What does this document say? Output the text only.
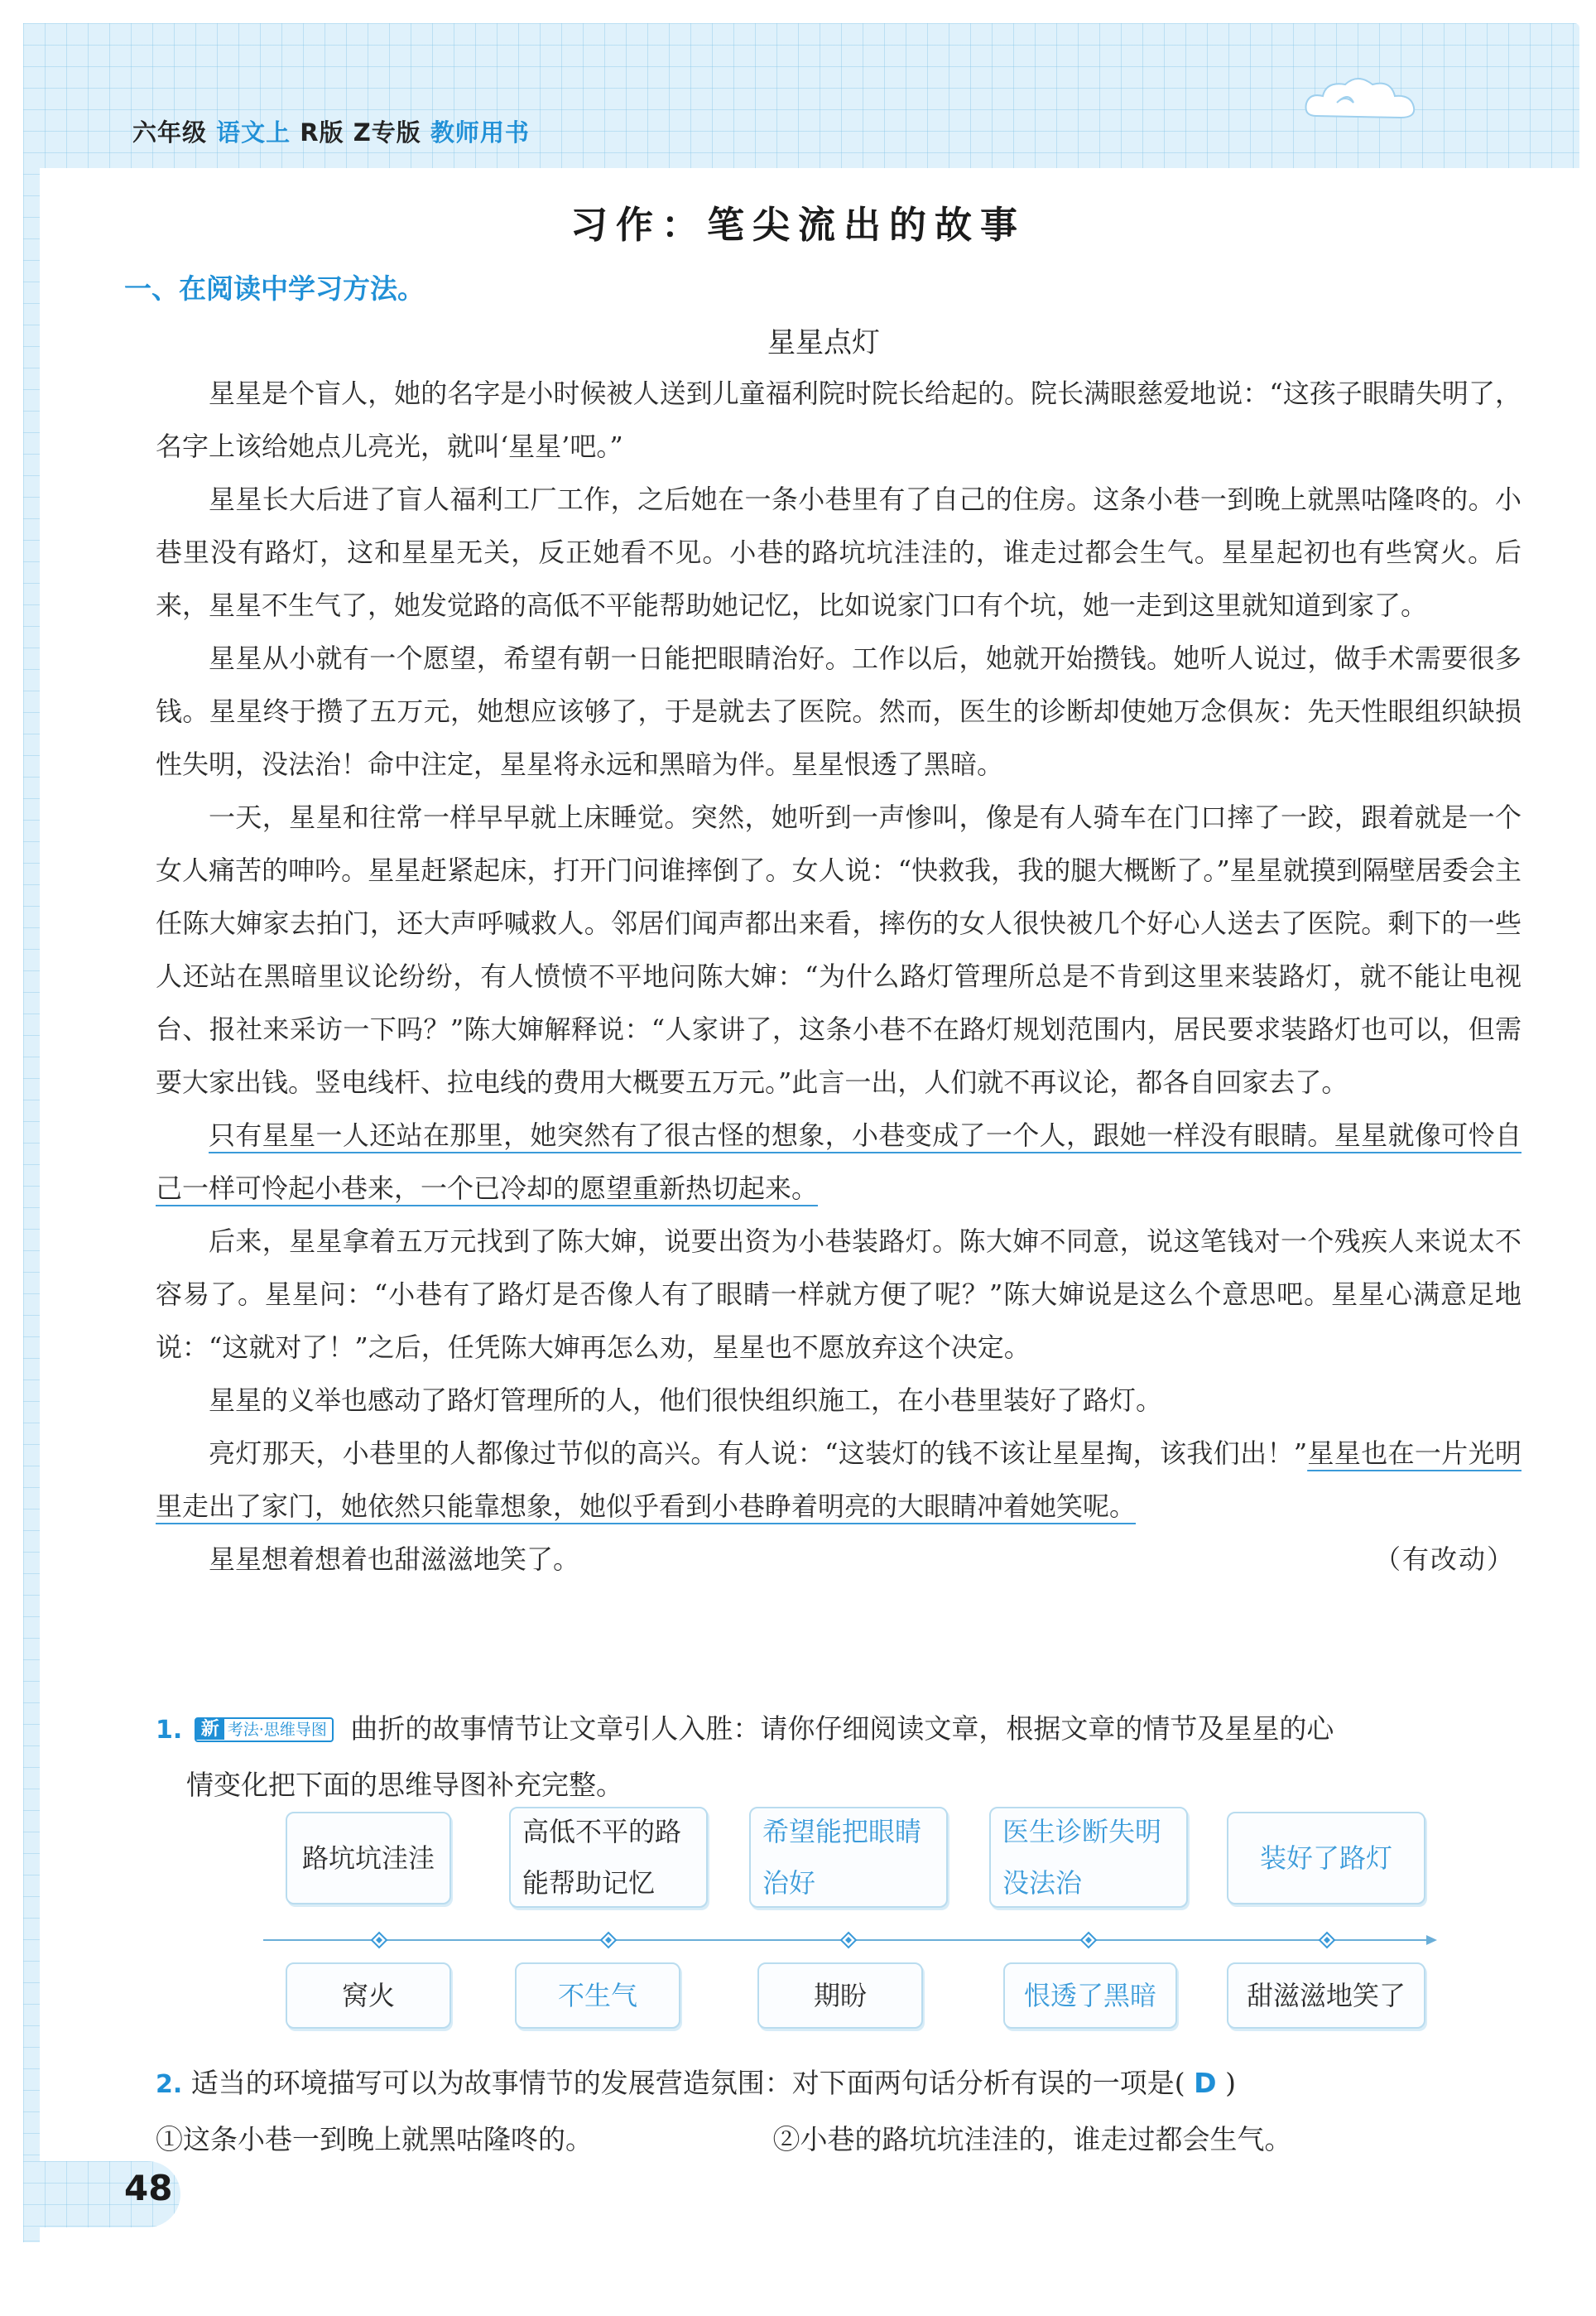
六年级 语文上 R版 Z专版 教师用书
习作：笔尖流出的故事
一、在阅读中学习方法。
星星点灯

星星是个盲人，她的名字是小时候被人送到儿童福利院时院长给起的。院长满眼慈爱地说：“这孩子眼睛失明了，名字上该给她点儿亮光，就叫‘星星’吧。”

星星长大后进了盲人福利工厂工作，之后她在一条小巷里有了自己的住房。这条小巷一到晚上就黑咕隆咚的。小巷里没有路灯，这和星星无关，反正她看不见。小巷的路坑坑洼洼的，谁走过都会生气。星星起初也有些窝火。后来，星星不生气了，她发觉路的高低不平能帮助她记忆，比如说家门口有个坑，她一走到这里就知道到家了。

星星从小就有一个愿望，希望有朝一日能把眼睛治好。工作以后，她就开始攒钱。她听人说过，做手术需要很多钱。星星终于攒了五万元，她想应该够了，于是就去了医院。然而，医生的诊断却使她万念俱灰：先天性眼组织缺损性失明，没法治！命中注定，星星将永远和黑暗为伴。星星恨透了黑暗。

一天，星星和往常一样早早就上床睡觉。突然，她听到一声惨叫，像是有人骑车在门口摔了一跤，跟着就是一个女人痛苦的呻吟。星星赶紧起床，打开门问谁摔倒了。女人说：“快救我，我的腿大概断了。”星星就摸到隔壁居委会主任陈大婶家去拍门，还大声呼喊救人。邻居们闻声都出来看，摔伤的女人很快被几个好心人送去了医院。剩下的一些人还站在黑暗里议论纷纷，有人愤愤不平地问陈大婶：“为什么路灯管理所总是不肯到这里来装路灯，就不能让电视台、报社来采访一下吗？”陈大婶解释说：“人家讲了，这条小巷不在路灯规划范围内，居民要求装路灯也可以，但需要大家出钱。竖电线杆、拉电线的费用大概要五万元。”此言一出，人们就不再议论，都各自回家去了。

只有星星一人还站在那里，她突然有了很古怪的想象，小巷变成了一个人，跟她一样没有眼睛。星星就像可怜自己一样可怜起小巷来，一个已冷却的愿望重新热切起来。

后来，星星拿着五万元找到了陈大婶，说要出资为小巷装路灯。陈大婶不同意，说这笔钱对一个残疾人来说太不容易了。星星问：“小巷有了路灯是否像人有了眼睛一样就方便了呢？”陈大婶说是这么个意思吧。星星心满意足地说：“这就对了！”之后，任凭陈大婶再怎么劝，星星也不愿放弃这个决定。

星星的义举也感动了路灯管理所的人，他们很快组织施工，在小巷里装好了路灯。

亮灯那天，小巷里的人都像过节似的高兴。有人说：“这装灯的钱不该让星星掏，该我们出！”星星也在一片光明里走出了家门，她依然只能靠想象，她似乎看到小巷睁着明亮的大眼睛冲着她笑呢。

星星想着想着也甜滋滋地笑了。	（有改动）

1. 新 考法·思维导图 曲折的故事情节让文章引人入胜：请你仔细阅读文章，根据文章的情节及星星的心
情变化把下面的思维导图补充完整。
路坑坑洼洼
高低不平的路能帮助记忆
希望能把眼睛治好
医生诊断失明没法治
装好了路灯
窝火	不生气	期盼	恨透了黑暗	甜滋滋地笑了
2. 适当的环境描写可以为故事情节的发展营造氛围：对下面两句话分析有误的一项是( D )
①这条小巷一到晚上就黑咕隆咚的。	②小巷的路坑坑洼洼的，谁走过都会生气。
48
